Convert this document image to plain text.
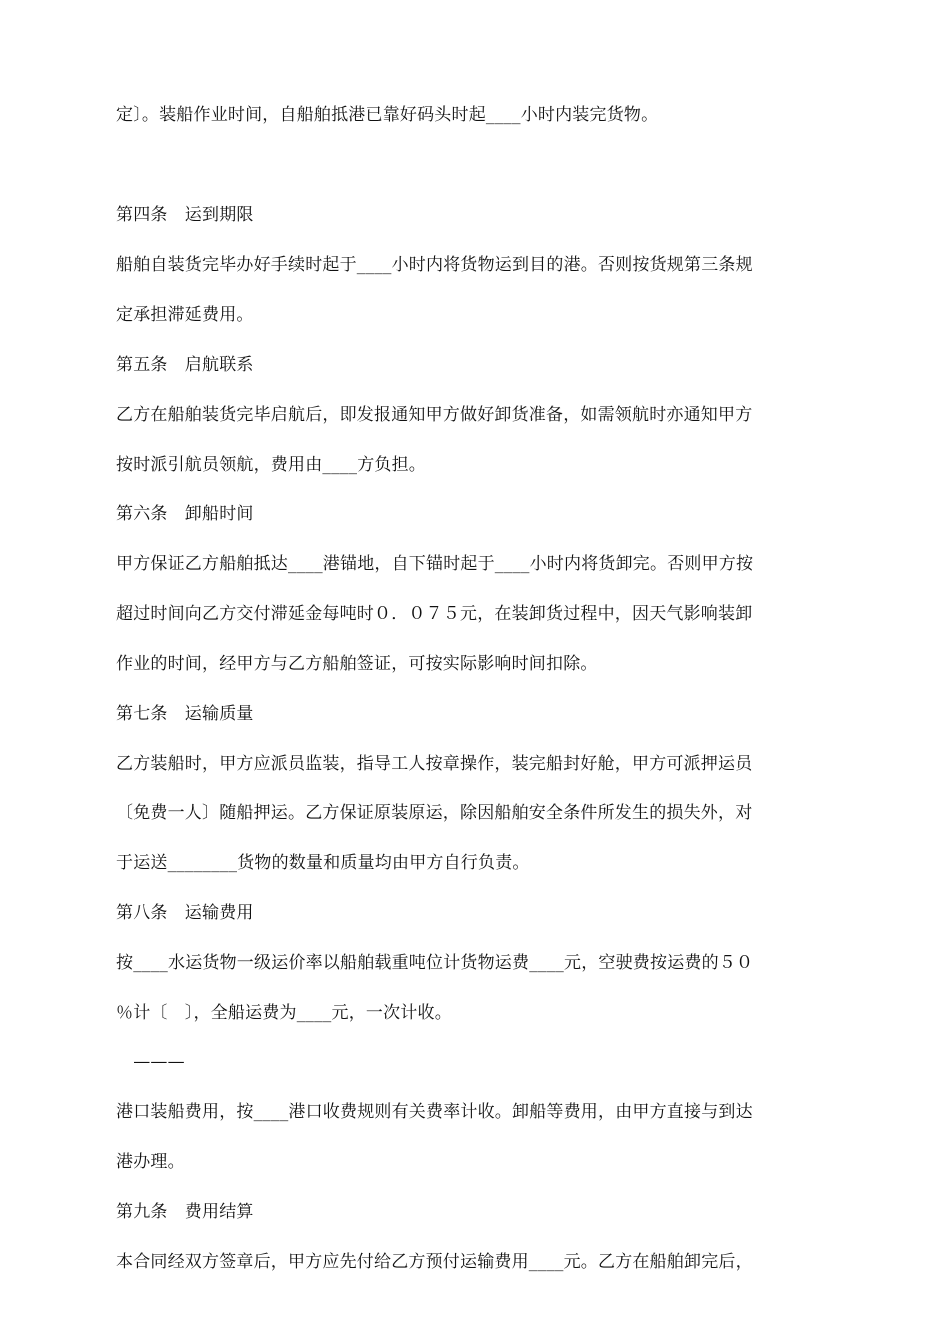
定〕。装船作业时间，自船舶抵港已靠好码头时起____小时内装完货物。
第四条　运到期限
船舶自装货完毕办好手续时起于____小时内将货物运到目的港。否则按货规第三条规
定承担滞延费用。
第五条　启航联系
乙方在船舶装货完毕启航后，即发报通知甲方做好卸货准备，如需领航时亦通知甲方
按时派引航员领航，费用由____方负担。
第六条　卸船时间
甲方保证乙方船舶抵达____港锚地，自下锚时起于____小时内将货卸完。否则甲方按
超过时间向乙方交付滞延金每吨时０．０７５元，在装卸货过程中，因天气影响装卸
作业的时间，经甲方与乙方船舶签证，可按实际影响时间扣除。
第七条　运输质量
乙方装船时，甲方应派员监装，指导工人按章操作，装完船封好舱，甲方可派押运员
〔免费一人〕随船押运。乙方保证原装原运，除因船舶安全条件所发生的损失外，对
于运送________货物的数量和质量均由甲方自行负责。
第八条　运输费用
按____水运货物一级运价率以船舶载重吨位计货物运费____元，空驶费按运费的５０
％计〔　〕，全船运费为____元，一次计收。
　———
港口装船费用，按____港口收费规则有关费率计收。卸船等费用，由甲方直接与到达
港办理。
第九条　费用结算
本合同经双方签章后，甲方应先付给乙方预付运输费用____元。乙方在船舶卸完后，
